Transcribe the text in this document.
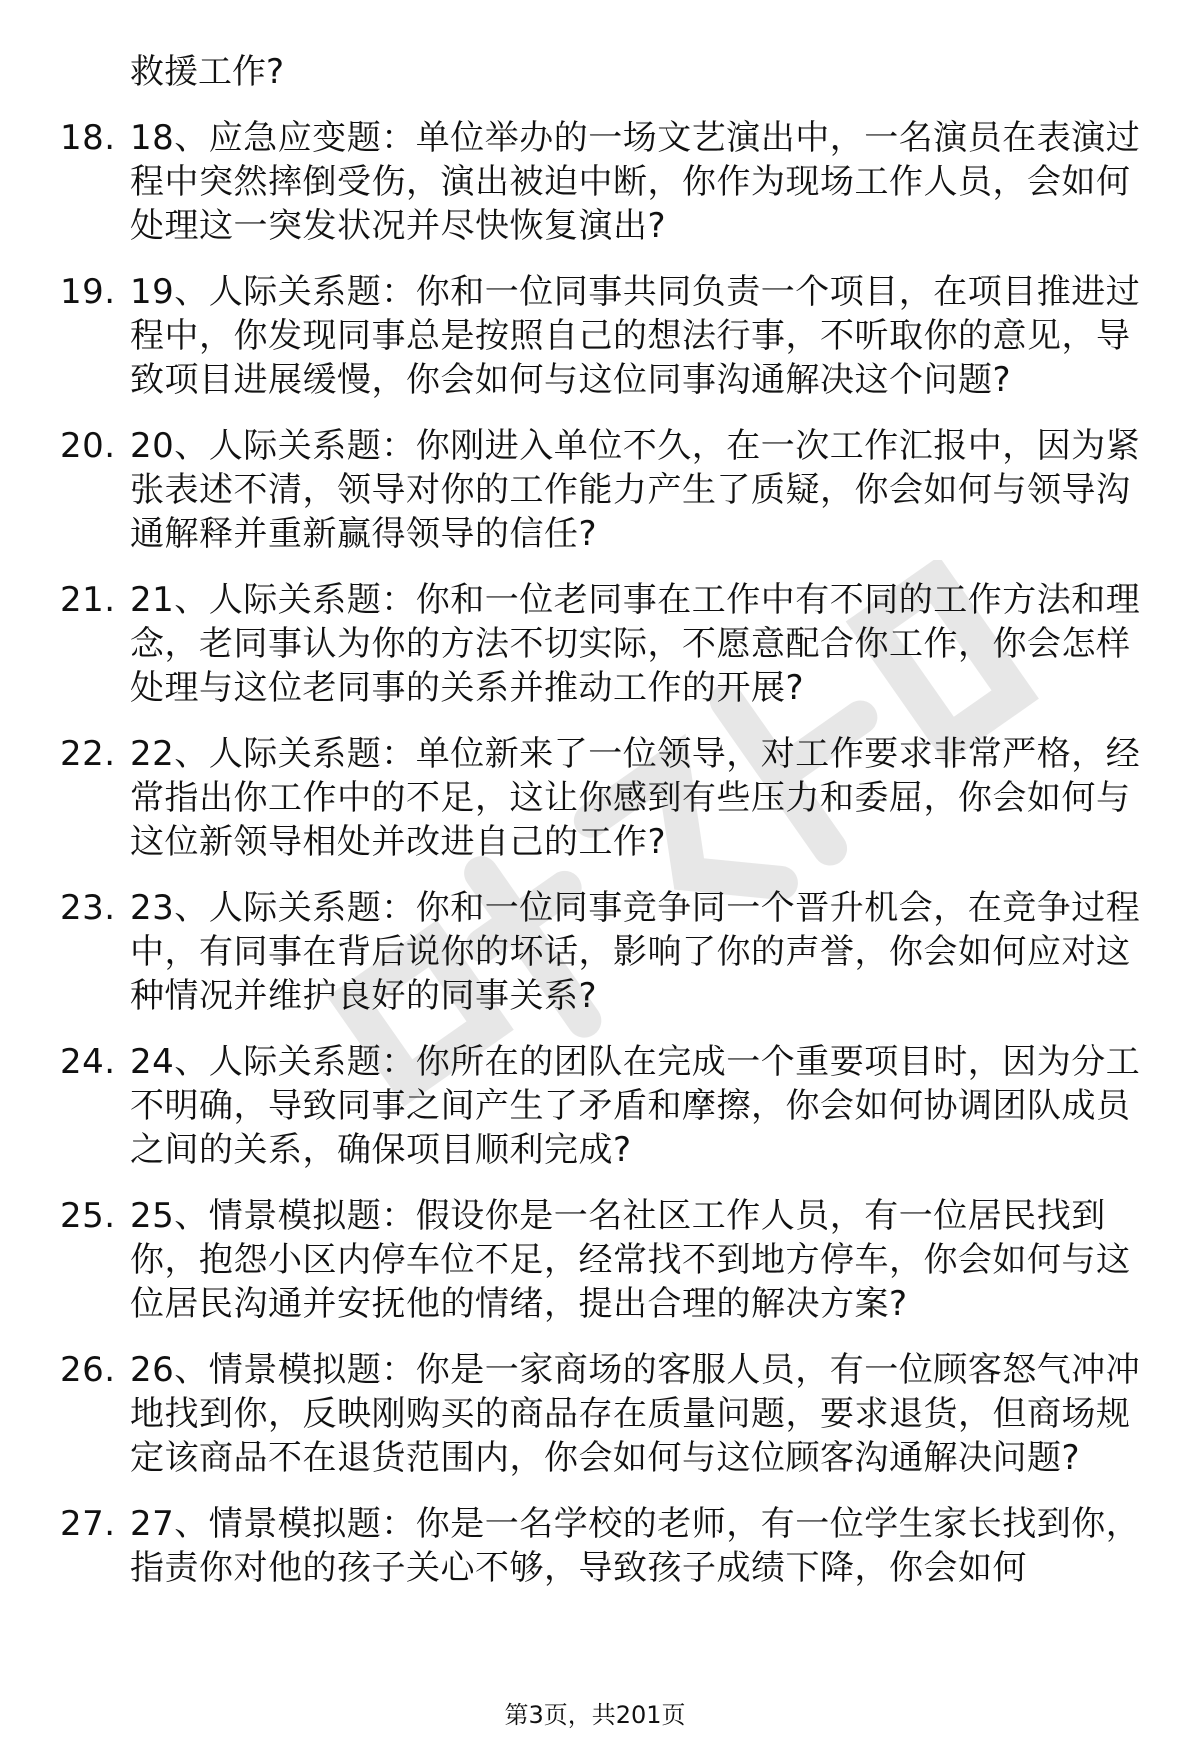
救援工作?

18. 18、应急应变题：单位举办的一场文艺演出中，一名演员在表演过程中突然摔倒受伤，演出被迫中断，你作为现场工作人员，会如何处理这一突发状况并尽快恢复演出?
19. 19、人际关系题：你和一位同事共同负责一个项目，在项目推进过程中，你发现同事总是按照自己的想法行事，不听取你的意见，导致项目进展缓慢，你会如何与这位同事沟通解决这个问题?
20. 20、人际关系题：你刚进入单位不久，在一次工作汇报中，因为紧张表述不清，领导对你的工作能力产生了质疑，你会如何与领导沟通解释并重新赢得领导的信任?
21. 21、人际关系题：你和一位老同事在工作中有不同的工作方法和理念，老同事认为你的方法不切实际，不愿意配合你工作，你会怎样处理与这位老同事的关系并推动工作的开展?
22. 22、人际关系题：单位新来了一位领导，对工作要求非常严格，经常指出你工作中的不足，这让你感到有些压力和委屈，你会如何与这位新领导相处并改进自己的工作?
23. 23、人际关系题：你和一位同事竞争同一个晋升机会，在竞争过程中，有同事在背后说你的坏话，影响了你的声誉，你会如何应对这种情况并维护良好的同事关系?
24. 24、人际关系题：你所在的团队在完成一个重要项目时，因为分工不明确，导致同事之间产生了矛盾和摩擦，你会如何协调团队成员之间的关系，确保项目顺利完成?
25. 25、情景模拟题：假设你是一名社区工作人员，有一位居民找到你，抱怨小区内停车位不足，经常找不到地方停车，你会如何与这位居民沟通并安抚他的情绪，提出合理的解决方案?
26. 26、情景模拟题：你是一家商场的客服人员，有一位顾客怒气冲冲地找到你，反映刚购买的商品存在质量问题，要求退货，但商场规定该商品不在退货范围内，你会如何与这位顾客沟通解决问题?
27. 27、情景模拟题：你是一名学校的老师，有一位学生家长找到你，指责你对他的孩子关心不够，导致孩子成绩下降，你会如何
第3页，共201页
